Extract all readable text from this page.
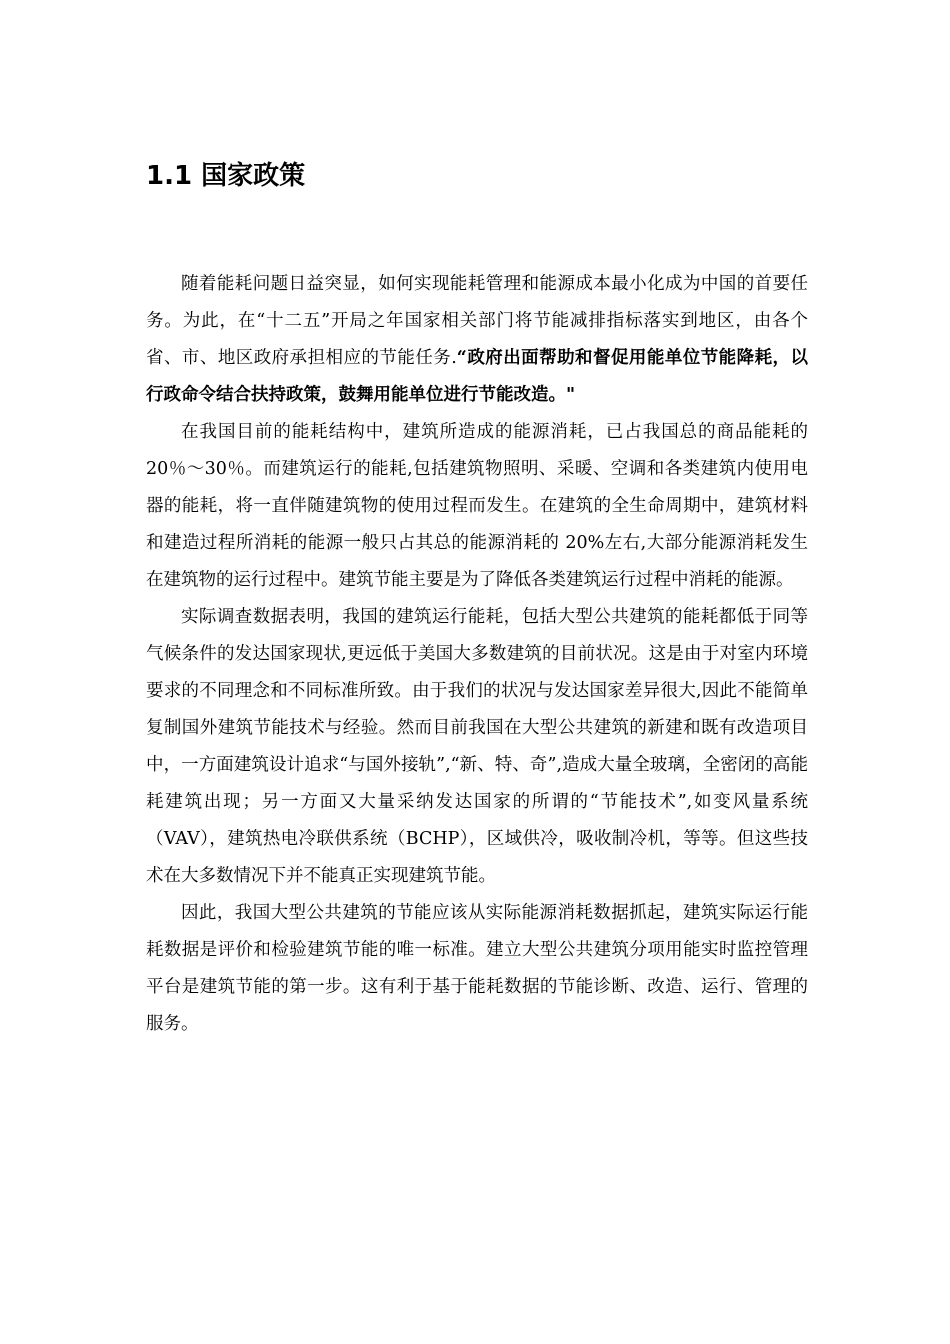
1.1 国家政策

随着能耗问题日益突显，如何实现能耗管理和能源成本最小化成为中国的首要任务。为此，在“十二五”开局之年国家相关部门将节能减排指标落实到地区，由各个省、市、地区政府承担相应的节能任务.“政府出面帮助和督促用能单位节能降耗，以行政命令结合扶持政策，鼓舞用能单位进行节能改造。"

在我国目前的能耗结构中，建筑所造成的能源消耗，已占我国总的商品能耗的 20％～30％。而建筑运行的能耗,包括建筑物照明、采暖、空调和各类建筑内使用电器的能耗，将一直伴随建筑物的使用过程而发生。在建筑的全生命周期中，建筑材料和建造过程所消耗的能源一般只占其总的能源消耗的 20%左右,大部分能源消耗发生在建筑物的运行过程中。建筑节能主要是为了降低各类建筑运行过程中消耗的能源。

实际调查数据表明，我国的建筑运行能耗，包括大型公共建筑的能耗都低于同等气候条件的发达国家现状,更远低于美国大多数建筑的目前状况。这是由于对室内环境要求的不同理念和不同标准所致。由于我们的状况与发达国家差异很大,因此不能简单复制国外建筑节能技术与经验。然而目前我国在大型公共建筑的新建和既有改造项目中，一方面建筑设计追求“与国外接轨”,“新、特、奇”,造成大量全玻璃，全密闭的高能耗建筑出现；另一方面又大量采纳发达国家的所谓的“节能技术”,如变风量系统（VAV），建筑热电冷联供系统（BCHP），区域供冷，吸收制冷机，等等。但这些技术在大多数情况下并不能真正实现建筑节能。

因此，我国大型公共建筑的节能应该从实际能源消耗数据抓起，建筑实际运行能耗数据是评价和检验建筑节能的唯一标准。建立大型公共建筑分项用能实时监控管理平台是建筑节能的第一步。这有利于基于能耗数据的节能诊断、改造、运行、管理的服务。
